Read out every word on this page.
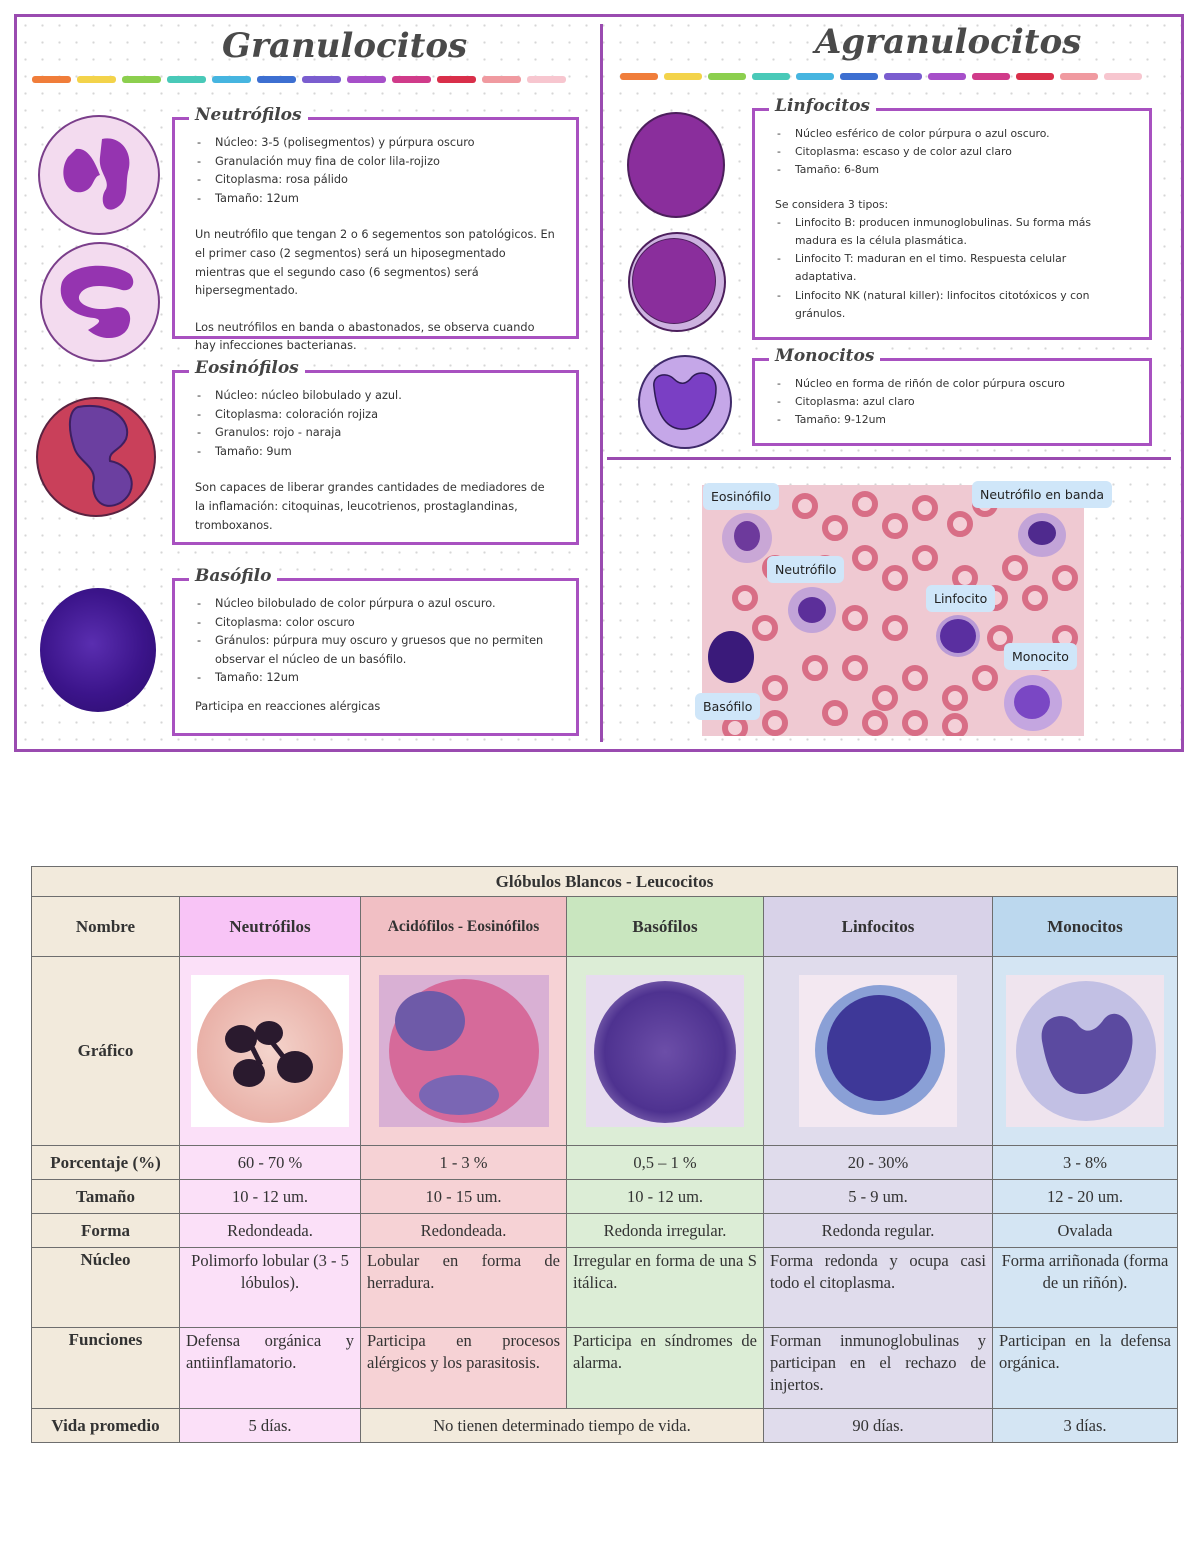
Granulocitos	Agranulocitos
Neutrófilos
- Núcleo: 3-5 (polisegmentos) y púrpura oscuro
- Granulación muy fina de color lila-rojizo
- Citoplasma: rosa pálido
- Tamaño: 12um

Un neutrófilo que tengan 2 o 6 segementos son patológicos. En el primer caso (2 segmentos) será un hiposegmentado mientras que el segundo caso (6 segmentos) será hipersegmentado.

Los neutrófilos en banda o abastonados, se observa cuando hay infecciones bacterianas.

Eosinófilos
- Núcleo: núcleo bilobulado y azul.
- Citoplasma: coloración rojiza
- Granulos: rojo - naraja
- Tamaño: 9um

Son capaces de liberar grandes cantidades de mediadores de la inflamación: citoquinas, leucotrienos, prostaglandinas, tromboxanos.

Basófilo
- Núcleo bilobulado de color púrpura o azul oscuro.
- Citoplasma: color oscuro
- Gránulos: púrpura muy oscuro y gruesos que no permiten observar el núcleo de un basófilo.
- Tamaño: 12um

Participa en reacciones alérgicas

Linfocitos
- Núcleo esférico de color púrpura o azul oscuro.
- Citoplasma: escaso y de color azul claro
- Tamaño: 6-8um

Se considera 3 tipos:

- Linfocito B: producen inmunoglobulinas. Su forma más madura es la célula plasmática.
- Linfocito T: maduran en el timo. Respuesta celular adaptativa.
- Linfocito NK (natural killer): linfocitos citotóxicos y con gránulos.
Monocitos
- Núcleo en forma de riñón de color púrpura oscuro
- Citoplasma: azul claro
- Tamaño: 9-12um
Eosinófilo	Neutrófilo en banda
Neutrófilo
Linfocito
Monocito
Basófilo
Glóbulos Blancos - Leucocitos					
Nombre	Neutrófilos	Acidófilos - Eosinófilos	Basófilos	Linfocitos	Monocitos
Gráfico	

Porcentaje (%)	60 - 70 %	1 - 3 %	0,5 – 1 %	20 - 30%	3 - 8%
Tamaño	10 - 12 um.	10 - 15 um.	10 - 12 um.	5 - 9 um.	12 - 20 um.
Forma	Redondeada.	Redondeada.	Redonda irregular.	Redonda regular.	Ovalada
Núcleo	Polimorfo lobular (3 - 5 lóbulos).	Lobular en forma de herradura.	Irregular en forma de una S itálica.	Forma redonda y ocupa casi todo el citoplasma.	Forma arriñonada (forma de un riñón).
Funciones	Defensa orgánica y antiinflamatorio.	Participa en procesos alérgicos y los parasitosis.	Participa en síndromes de alarma.	Forman inmunoglobulinas y participan en el rechazo de injertos.	Participan en la defensa orgánica.
Vida promedio	5 días.	No tienen determinado tiempo de vida.		90 días.	3 días.
